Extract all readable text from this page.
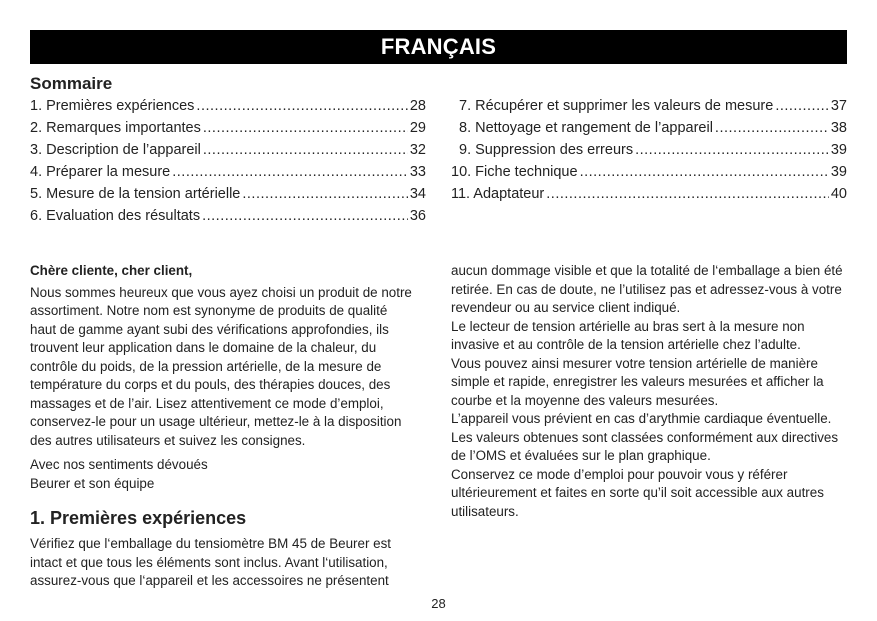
FRANÇAIS
Sommaire
1. Premières expériences .....	28
2. Remarques importantes .....	29
3. Description de l’appareil .....	32
4. Préparer la mesure .....	33
5. Mesure de la tension artérielle .....	34
6. Evaluation des résultats .....	36
7. Récupérer et supprimer les valeurs de mesure .....	37
8. Nettoyage et rangement de l’appareil .....	38
9. Suppression des erreurs .....	39
10. Fiche technique .....	39
11. Adaptateur .....	40

Chère cliente, cher client,

Nous sommes heureux que vous ayez choisi un produit de notre assortiment. Notre nom est synonyme de produits de qualité haut de gamme ayant subi des vérifications approfondies, ils trouvent leur application dans le domaine de la chaleur, du contrôle du poids, de la pression artérielle, de la mesure de température du corps et du pouls, des thérapies douces, des massages et de l’air. Lisez attentivement ce mode d’emploi, conservez-le pour un usage ultérieur, mettez-le à la disposition des autres utilisateurs et suivez les consignes.

Avec nos sentiments dévoués

Beurer et son équipe

1. Premières expériences

Vérifiez que l‘emballage du tensiomètre BM 45 de Beurer est intact et que tous les éléments sont inclus. Avant l‘utilisation, assurez-vous que l‘appareil et les accessoires ne présentent

aucun dommage visible et que la totalité de l‘emballage a bien été retirée. En cas de doute, ne l’utilisez pas et adressez-vous à votre revendeur ou au service client indiqué.

Le lecteur de tension artérielle au bras sert à la mesure non invasive et au contrôle de la tension artérielle chez l’adulte.

Vous pouvez ainsi mesurer votre tension artérielle de manière simple et rapide, enregistrer les valeurs mesurées et afficher la courbe et la moyenne des valeurs mesurées.

L’appareil vous prévient en cas d’arythmie cardiaque éventuelle.

Les valeurs obtenues sont classées conformément aux directives de l’OMS et évaluées sur le plan graphique.

Conservez ce mode d’emploi pour pouvoir vous y référer ultérieurement et faites en sorte qu’il soit accessible aux autres utilisateurs.

28
